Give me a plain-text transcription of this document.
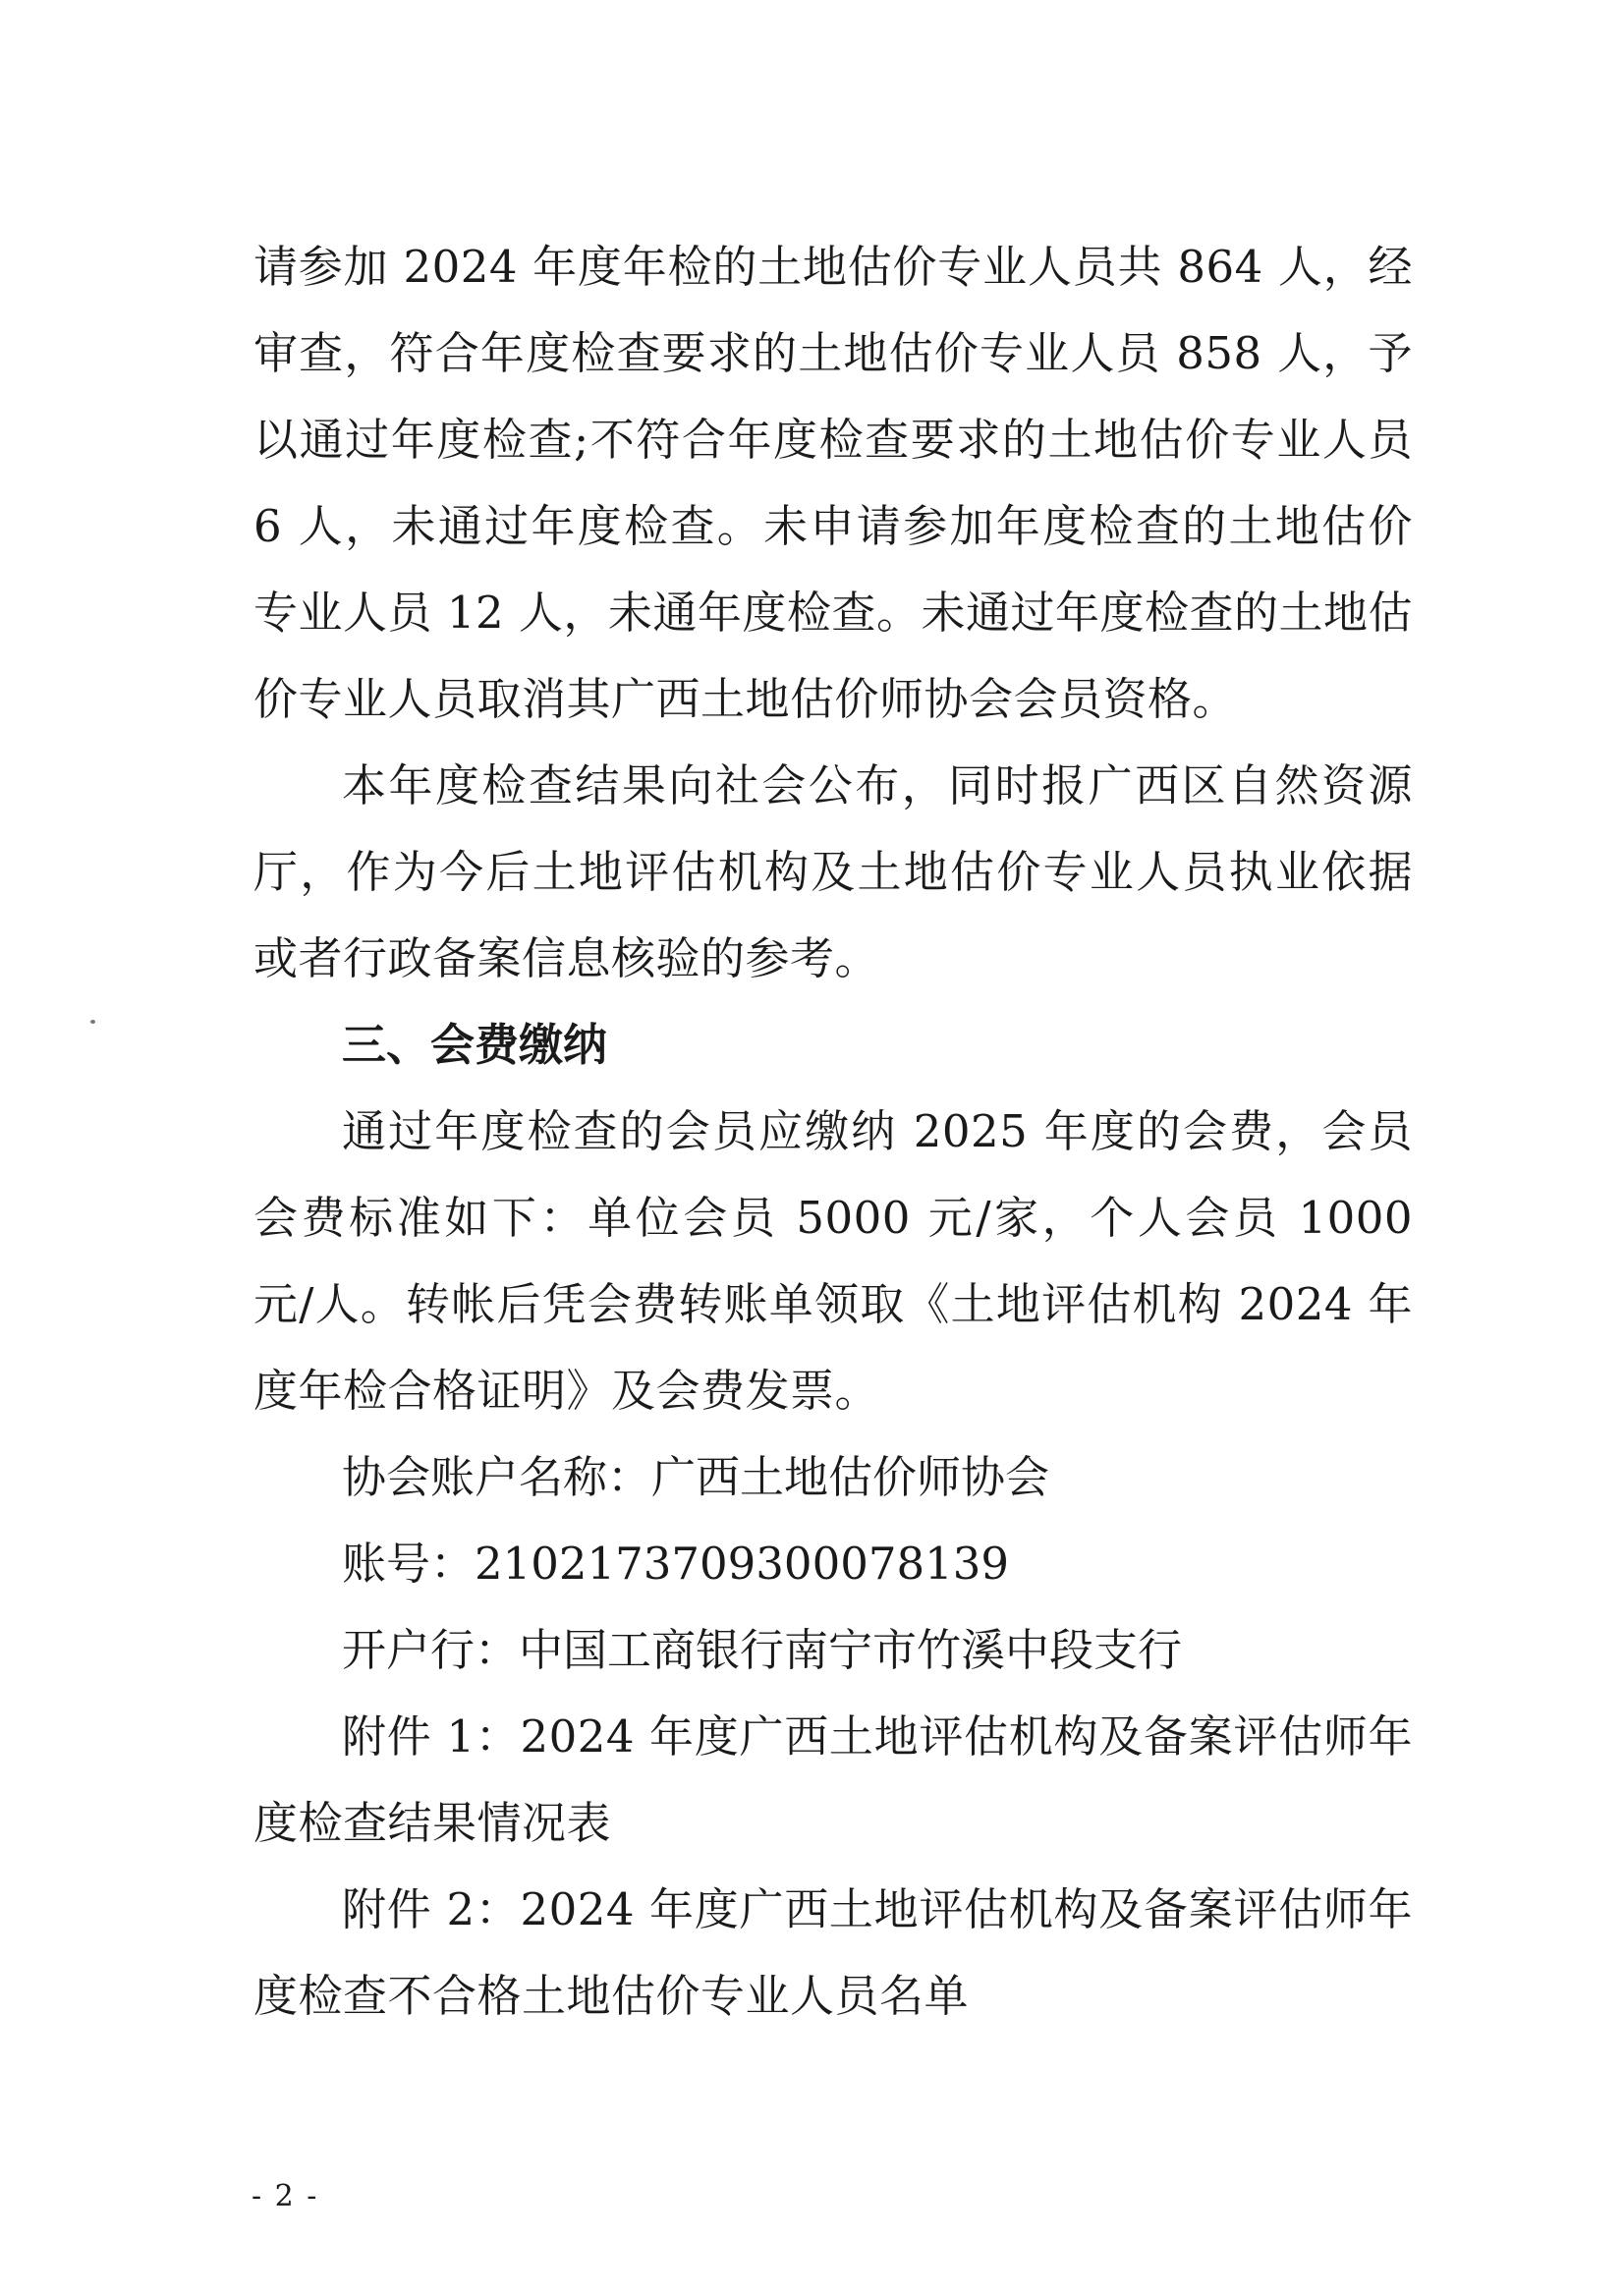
请参加 2024 年度年检的土地估价专业人员共 864 人，经审查，符合年度检查要求的土地估价专业人员 858 人，予以通过年度检查;不符合年度检查要求的土地估价专业人员 6 人，未通过年度检查。未申请参加年度检查的土地估价专业人员 12 人，未通年度检查。未通过年度检查的土地估价专业人员取消其广西土地估价师协会会员资格。

本年度检查结果向社会公布，同时报广西区自然资源厅，作为今后土地评估机构及土地估价专业人员执业依据或者行政备案信息核验的参考。

三、会费缴纳

通过年度检查的会员应缴纳 2025 年度的会费，会员会费标准如下：单位会员 5000 元/家，个人会员 1000 元/人。转帐后凭会费转账单领取《土地评估机构 2024 年度年检合格证明》及会费发票。

协会账户名称：广西土地估价师协会

账号：2102173709300078139

开户行：中国工商银行南宁市竹溪中段支行

附件 1：2024 年度广西土地评估机构及备案评估师年度检查结果情况表

附件 2：2024 年度广西土地评估机构及备案评估师年度检查不合格土地估价专业人员名单

- 2 -
